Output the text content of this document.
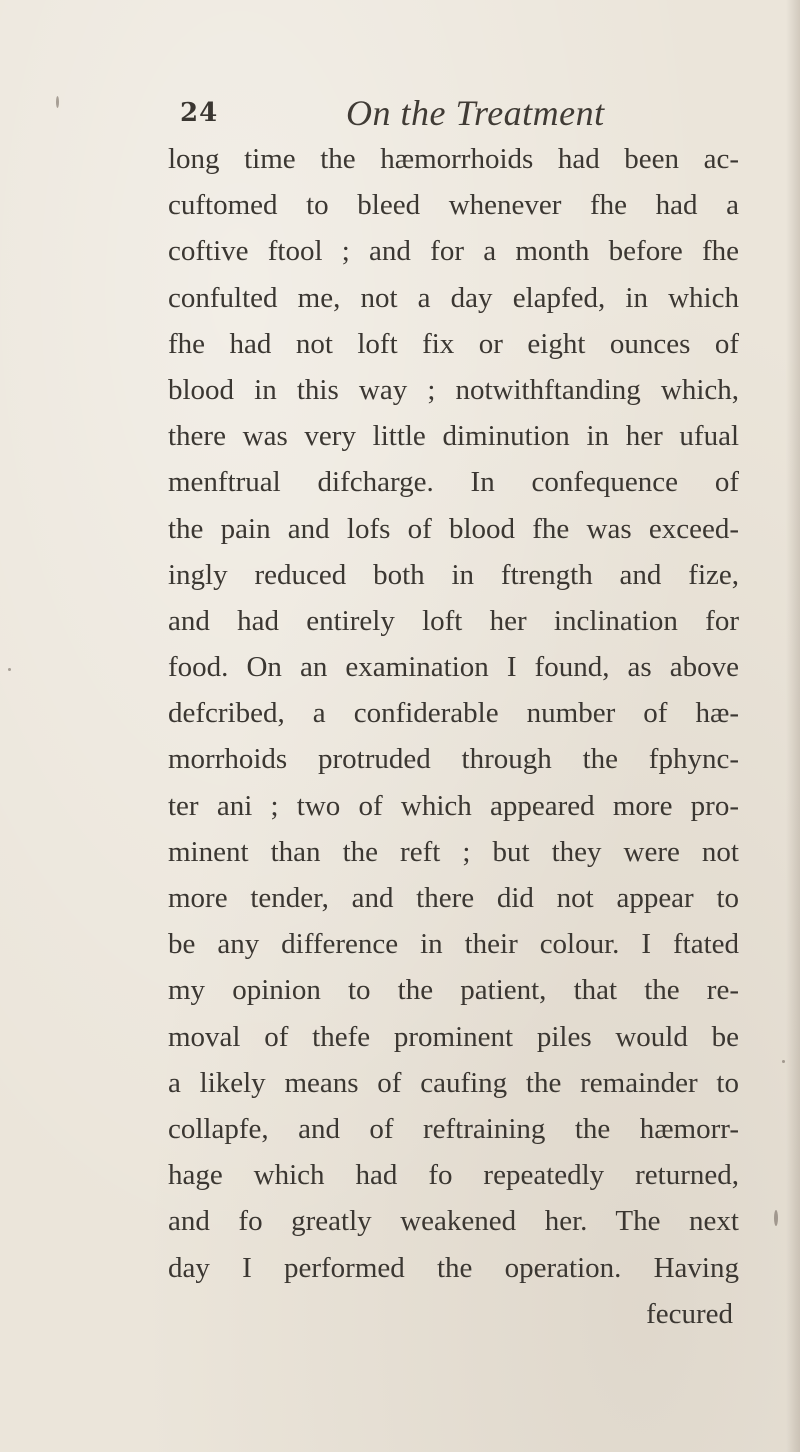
24	On the Treatment
long time the hæmorrhoids had been ac-
cuftomed to bleed whenever fhe had a
coftive ftool ; and for a month before fhe
confulted me, not a day elapfed, in which
fhe had not loft fix or eight ounces of
blood in this way ; notwithftanding which,
there was very little diminution in her ufual
menftrual difcharge. In confequence of
the pain and lofs of blood fhe was exceed-
ingly reduced both in ftrength and fize,
and had entirely loft her inclination for
food. On an examination I found, as above
defcribed, a confiderable number of hæ-
morrhoids protruded through the fphync-
ter ani ; two of which appeared more pro-
minent than the reft ; but they were not
more tender, and there did not appear to
be any difference in their colour. I ftated
my opinion to the patient, that the re-
moval of thefe prominent piles would be
a likely means of caufing the remainder to
collapfe, and of reftraining the hæmorr-
hage which had fo repeatedly returned,
and fo greatly weakened her. The next
day I performed the operation. Having
fecured
